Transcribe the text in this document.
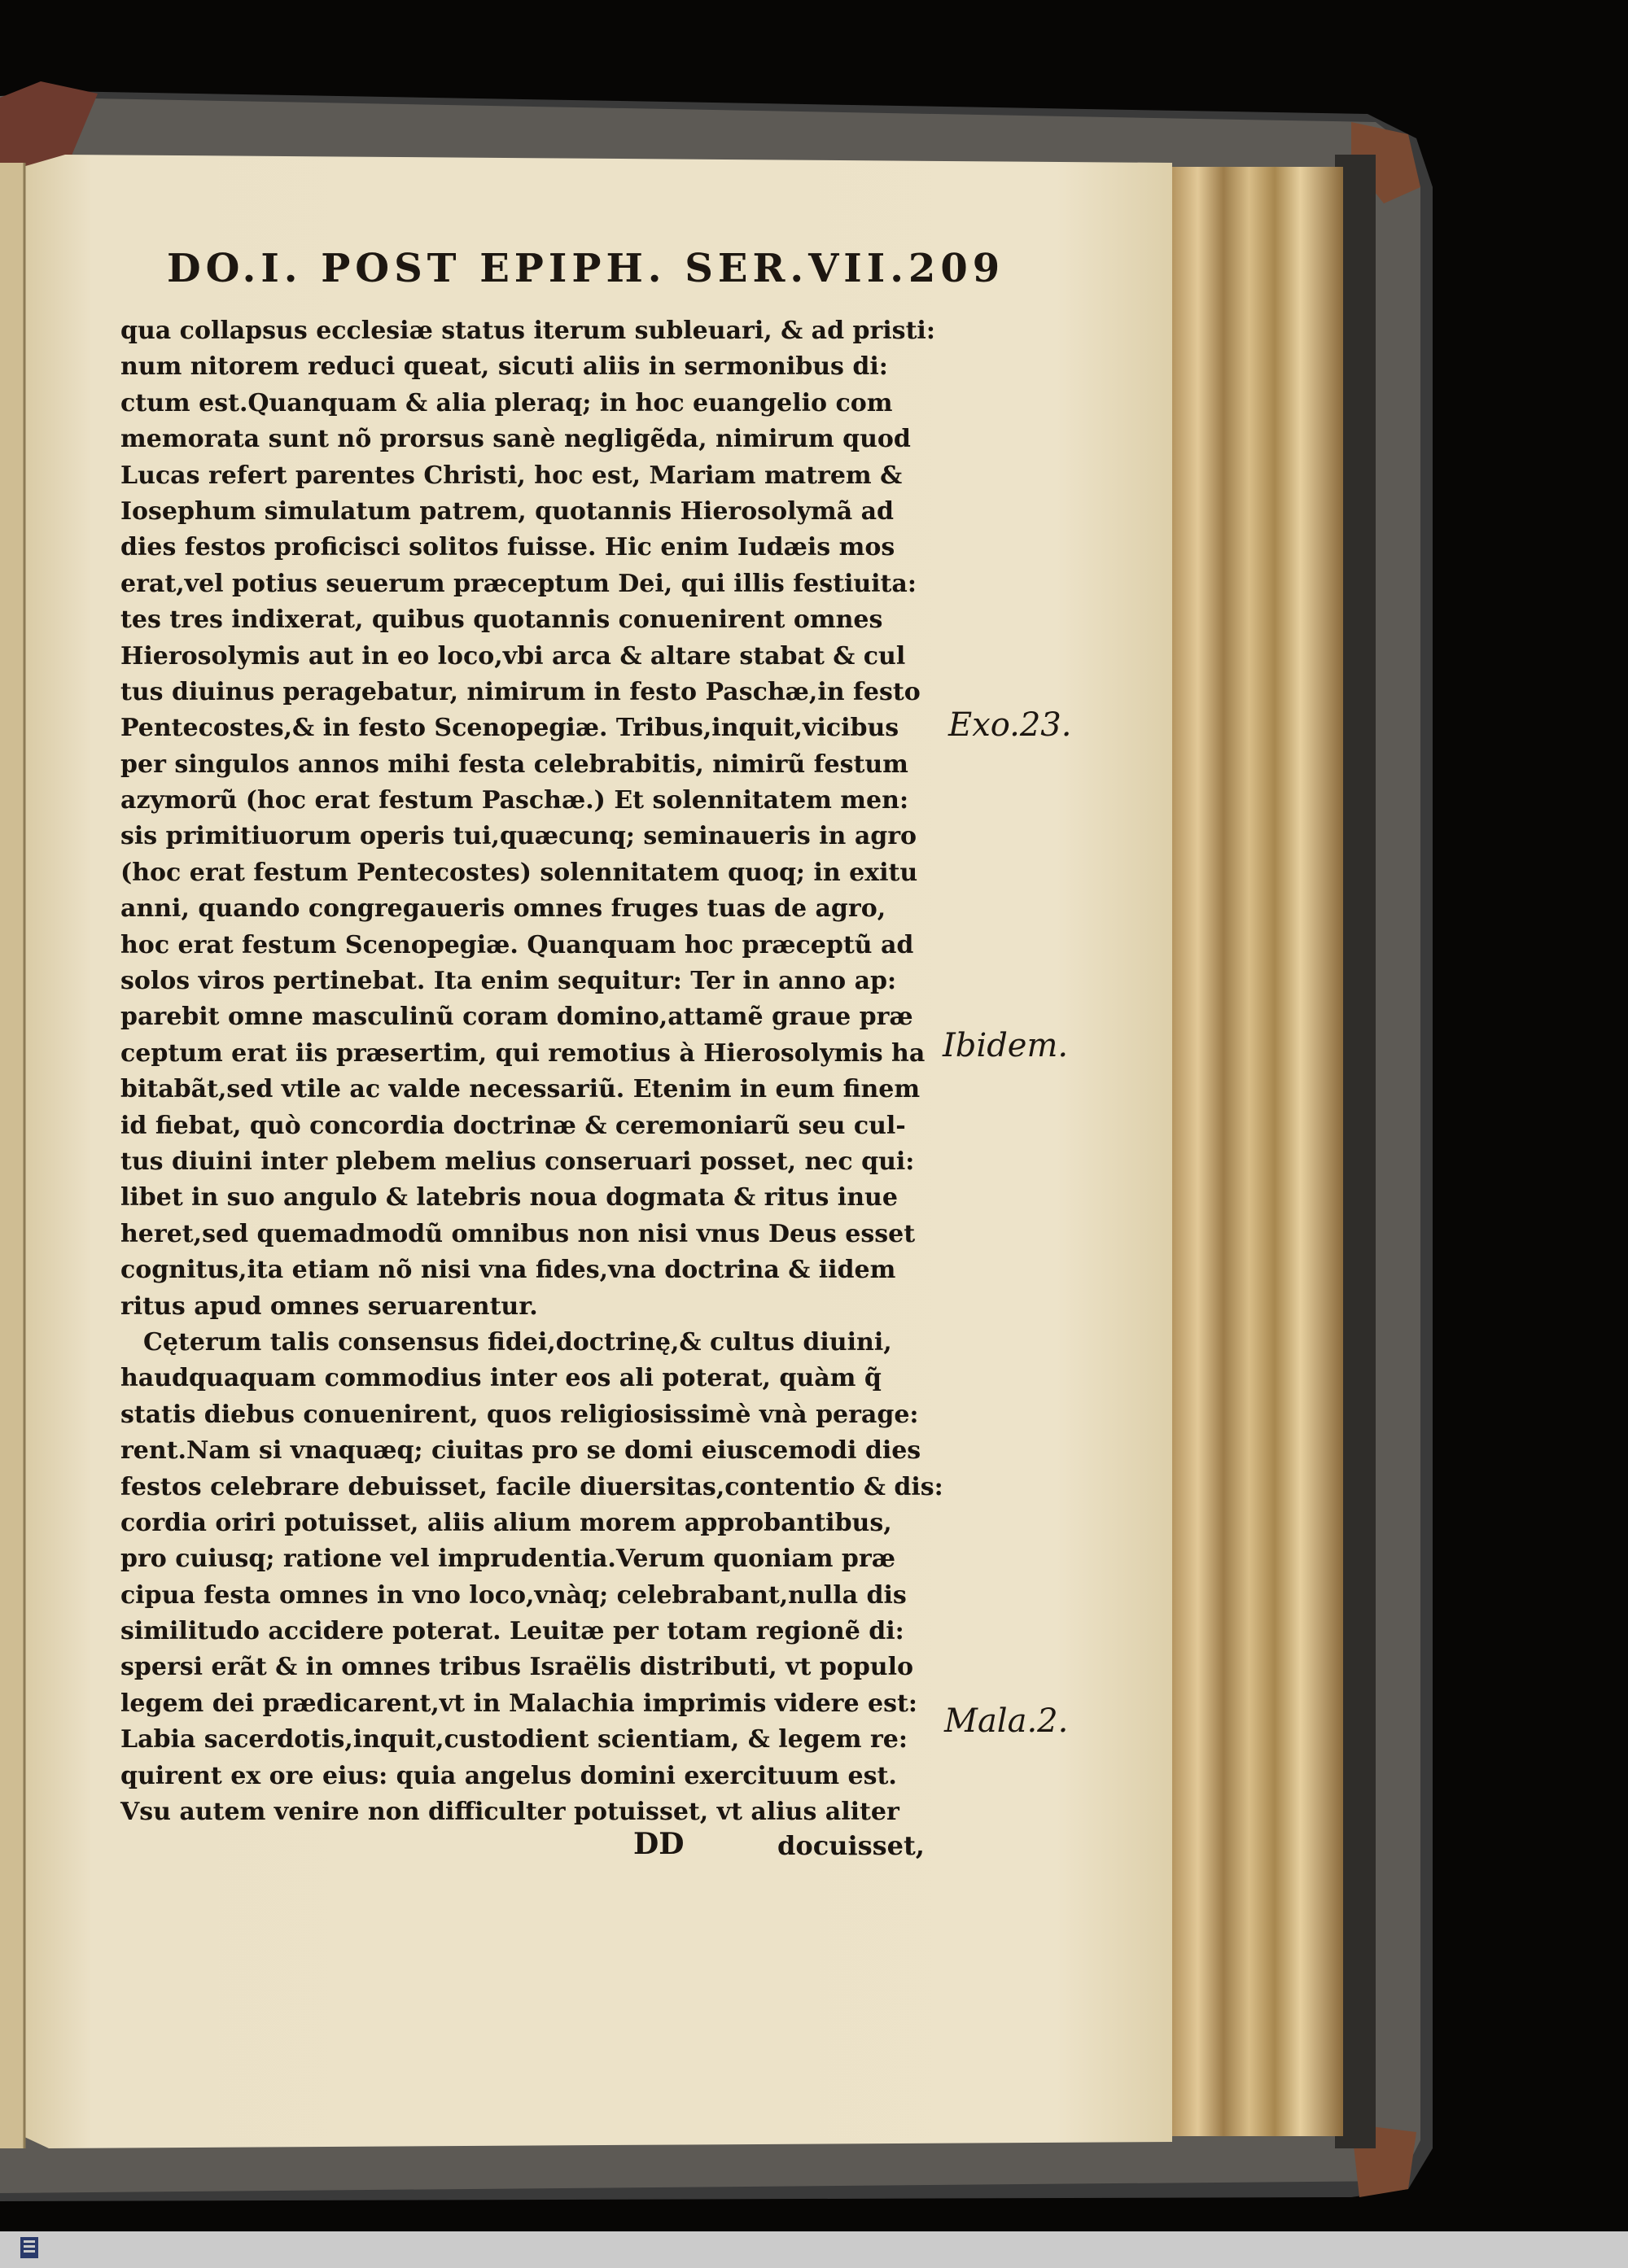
DO.I. POST EPIPH. SER.VII. 209
qua collapsus ecclesiæ status iterum subleuari, & ad pristi:
num nitorem reduci queat, sicuti aliis in sermonibus di:
ctum est.Quanquam & alia pleraq; in hoc euangelio com
memorata sunt nõ prorsus sanè negligẽda, nimirum quod
Lucas refert parentes Christi, hoc est, Mariam matrem &
Iosephum simulatum patrem, quotannis Hierosolymã ad
dies festos proficisci solitos fuisse. Hic enim Iudæis mos
erat,vel potius seuerum præceptum Dei, qui illis festiuita:
tes tres indixerat, quibus quotannis conuenirent omnes
Hierosolymis aut in eo loco,vbi arca & altare stabat & cul
tus diuinus peragebatur, nimirum in festo Paschæ,in festo
Pentecostes,& in festo Scenopegiæ. Tribus,inquit,vicibus
per singulos annos mihi festa celebrabitis, nimirũ festum
azymorũ (hoc erat festum Paschæ.) Et solennitatem men:
sis primitiuorum operis tui,quæcunq; seminaueris in agro
(hoc erat festum Pentecostes) solennitatem quoq; in exitu
anni, quando congregaueris omnes fruges tuas de agro,
hoc erat festum Scenopegiæ. Quanquam hoc præceptũ ad
solos viros pertinebat. Ita enim sequitur: Ter in anno ap:
parebit omne masculinũ coram domino,attamẽ graue præ
ceptum erat iis præsertim, qui remotius à Hierosolymis ha
bitabãt,sed vtile ac valde necessariũ. Etenim in eum finem
id fiebat, quò concordia doctrinæ & ceremoniarũ seu cul-
tus diuini inter plebem melius conseruari posset, nec qui:
libet in suo angulo & latebris noua dogmata & ritus inue
heret,sed quemadmodũ omnibus non nisi vnus Deus esset
cognitus,ita etiam nõ nisi vna fides,vna doctrina & iidem
ritus apud omnes seruarentur.
Cęterum talis consensus fidei,doctrinę,& cultus diuini,
haudquaquam commodius inter eos ali poterat, quàm q̃
statis diebus conuenirent, quos religiosissimè vnà perage:
rent.Nam si vnaquæq; ciuitas pro se domi eiuscemodi dies
festos celebrare debuisset, facile diuersitas,contentio & dis:
cordia oriri potuisset, aliis alium morem approbantibus,
pro cuiusq; ratione vel imprudentia.Verum quoniam præ
cipua festa omnes in vno loco,vnàq; celebrabant,nulla dis
similitudo accidere poterat. Leuitæ per totam regionẽ di:
spersi erãt & in omnes tribus Israëlis distributi, vt populo
legem dei prædicarent,vt in Malachia imprimis videre est:
Labia sacerdotis,inquit,custodient scientiam, & legem re:
quirent ex ore eius: quia angelus domini exercituum est.
Vsu autem venire non difficulter potuisset, vt alius aliter
Exo.23.
Ibidem.
Mala.2.
DD	docuisset,
